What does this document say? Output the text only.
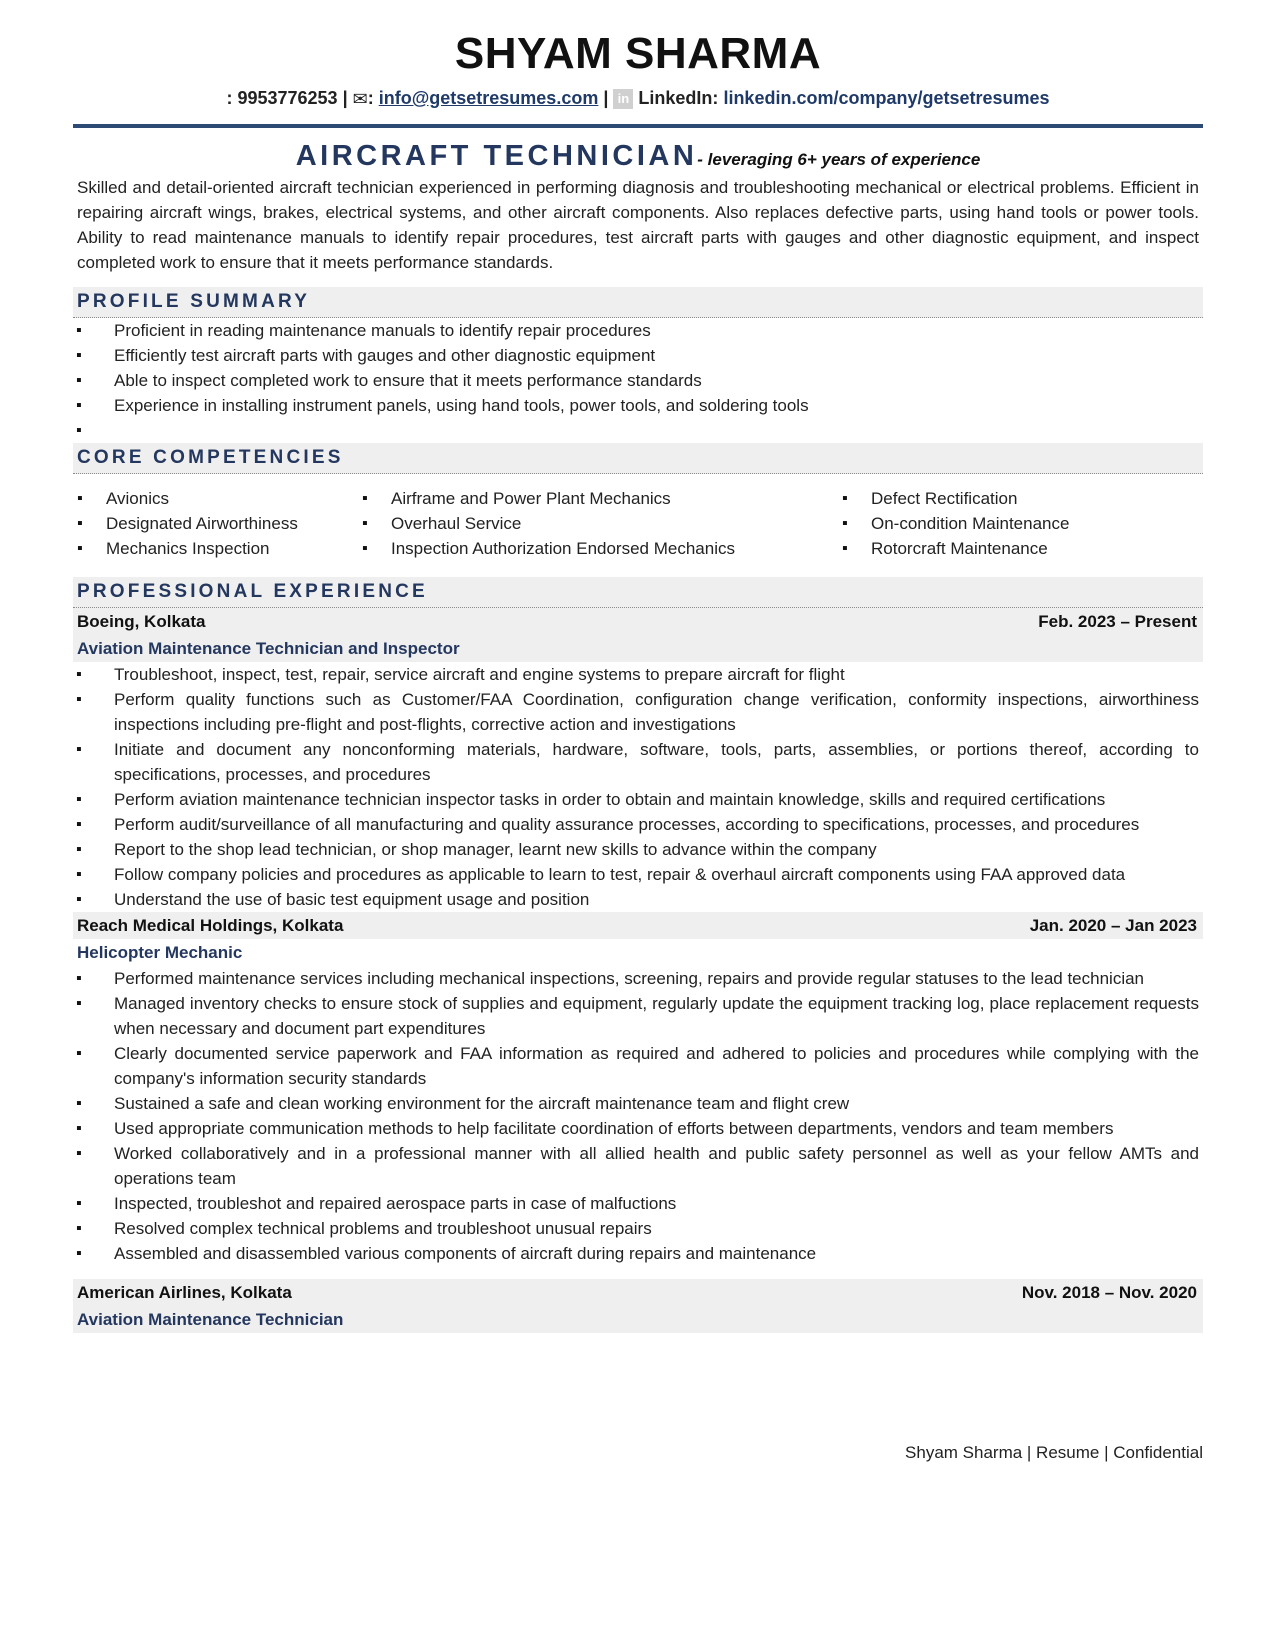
SHYAM SHARMA
: 9953776253 | ✉: info@getsetresumes.com | in LinkedIn: linkedin.com/company/getsetresumes
AIRCRAFT TECHNICIAN- leveraging 6+ years of experience
Skilled and detail-oriented aircraft technician experienced in performing diagnosis and troubleshooting mechanical or electrical problems. Efficient in repairing aircraft wings, brakes, electrical systems, and other aircraft components. Also replaces defective parts, using hand tools or power tools. Ability to read maintenance manuals to identify repair procedures, test aircraft parts with gauges and other diagnostic equipment, and inspect completed work to ensure that it meets performance standards.
PROFILE SUMMARY
▪ Proficient in reading maintenance manuals to identify repair procedures
▪ Efficiently test aircraft parts with gauges and other diagnostic equipment
▪ Able to inspect completed work to ensure that it meets performance standards
▪ Experience in installing instrument panels, using hand tools, power tools, and soldering tools
▪
CORE COMPETENCIES
▪ Avionics
▪ Designated Airworthiness
▪ Mechanics Inspection
▪ Airframe and Power Plant Mechanics
▪ Overhaul Service
▪ Inspection Authorization Endorsed Mechanics
▪ Defect Rectification
▪ On-condition Maintenance
▪ Rotorcraft Maintenance
PROFESSIONAL EXPERIENCE
Boeing, Kolkata	Feb. 2023 – Present
Aviation Maintenance Technician and Inspector
▪ Troubleshoot, inspect, test, repair, service aircraft and engine systems to prepare aircraft for flight
▪ Perform quality functions such as Customer/FAA Coordination, configuration change verification, conformity inspections, airworthiness inspections including pre-flight and post-flights, corrective action and investigations
▪ Initiate and document any nonconforming materials, hardware, software, tools, parts, assemblies, or portions thereof, according to specifications, processes, and procedures
▪ Perform aviation maintenance technician inspector tasks in order to obtain and maintain knowledge, skills and required certifications
▪ Perform audit/surveillance of all manufacturing and quality assurance processes, according to specifications, processes, and procedures
▪ Report to the shop lead technician, or shop manager, learnt new skills to advance within the company
▪ Follow company policies and procedures as applicable to learn to test, repair & overhaul aircraft components using FAA approved data
▪ Understand the use of basic test equipment usage and position
Reach Medical Holdings, Kolkata	Jan. 2020 – Jan 2023
Helicopter Mechanic
▪ Performed maintenance services including mechanical inspections, screening, repairs and provide regular statuses to the lead technician
▪ Managed inventory checks to ensure stock of supplies and equipment, regularly update the equipment tracking log, place replacement requests when necessary and document part expenditures
▪ Clearly documented service paperwork and FAA information as required and adhered to policies and procedures while complying with the company's information security standards
▪ Sustained a safe and clean working environment for the aircraft maintenance team and flight crew
▪ Used appropriate communication methods to help facilitate coordination of efforts between departments, vendors and team members
▪ Worked collaboratively and in a professional manner with all allied health and public safety personnel as well as your fellow AMTs and operations team
▪ Inspected, troubleshot and repaired aerospace parts in case of malfuctions
▪ Resolved complex technical problems and troubleshoot unusual repairs
▪ Assembled and disassembled various components of aircraft during repairs and maintenance
American Airlines, Kolkata	Nov. 2018 – Nov. 2020
Aviation Maintenance Technician
Shyam Sharma | Resume | Confidential
